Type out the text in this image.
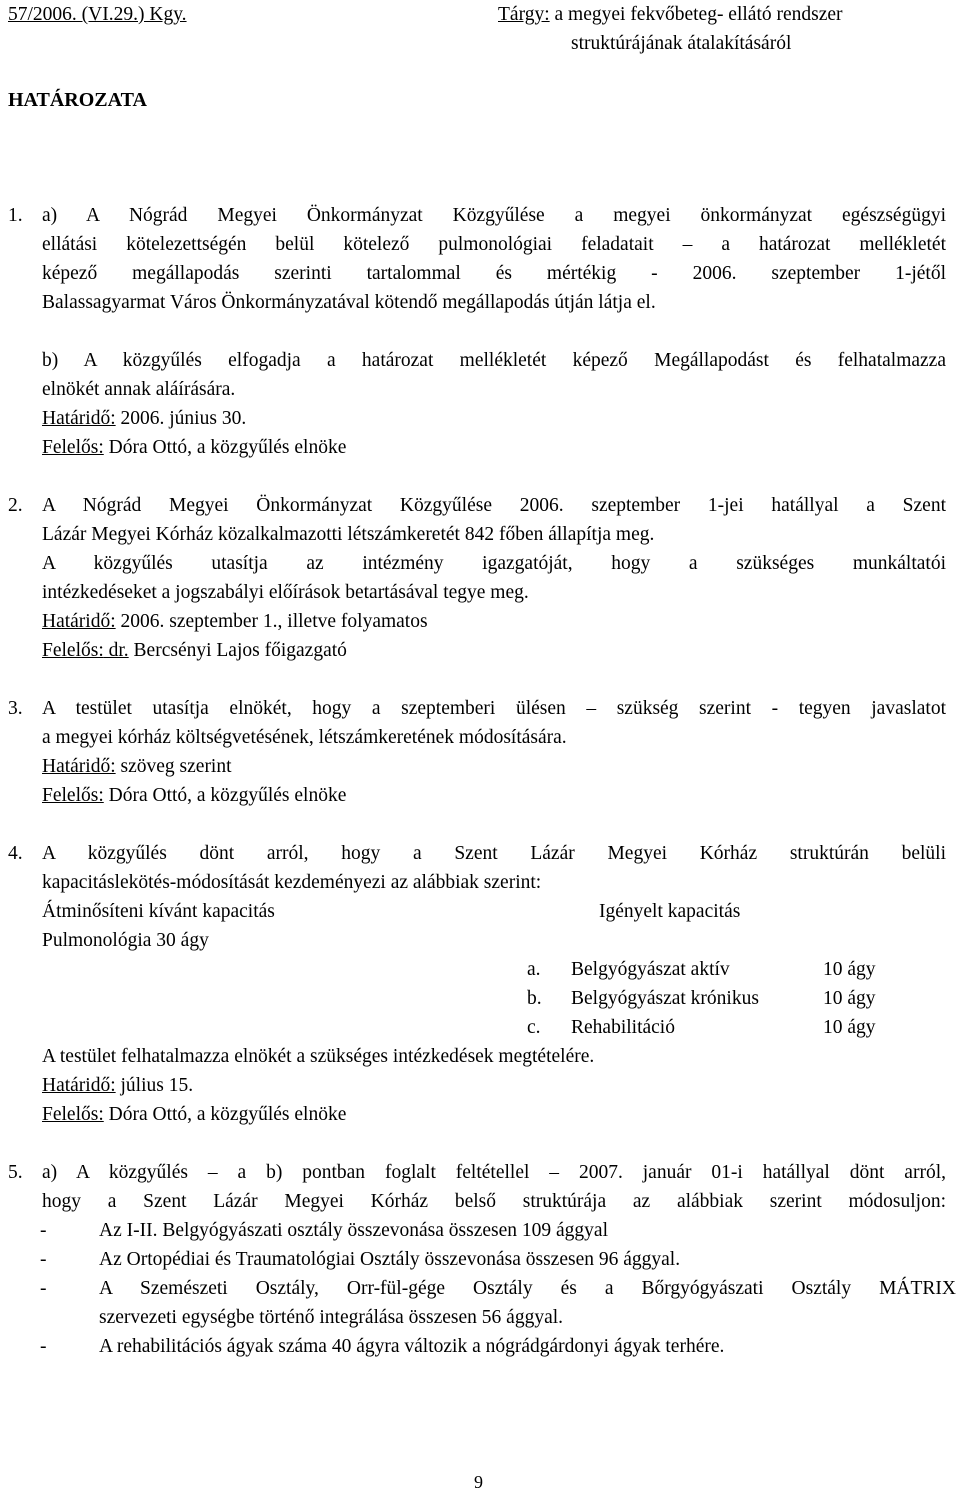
57/2006. (VI.29.) Kgy.	Tárgy: a megyei fekvőbeteg- ellátó rendszer
struktúrájának átalakításáról
HATÁROZATA
1. a) A Nógrád Megyei Önkormányzat Közgyűlése a megyei önkormányzat egészségügyi
ellátási kötelezettségén belül kötelező pulmonológiai feladatait – a határozat mellékletét
képező megállapodás szerinti tartalommal és mértékig - 2006. szeptember 1-jétől
Balassagyarmat Város Önkormányzatával kötendő megállapodás útján látja el.
b) A közgyűlés elfogadja a határozat mellékletét képező Megállapodást és felhatalmazza
elnökét annak aláírására.
Határidő: 2006. június 30.
Felelős: Dóra Ottó, a közgyűlés elnöke
2. A Nógrád Megyei Önkormányzat Közgyűlése 2006. szeptember 1-jei hatállyal a Szent
Lázár Megyei Kórház közalkalmazotti létszámkeretét 842 főben állapítja meg.
A közgyűlés utasítja az intézmény igazgatóját, hogy a szükséges munkáltatói
intézkedéseket a jogszabályi előírások betartásával tegye meg.
Határidő: 2006. szeptember 1., illetve folyamatos
Felelős: dr. Bercsényi Lajos főigazgató
3. A testület utasítja elnökét, hogy a szeptemberi ülésen – szükség szerint - tegyen javaslatot
a megyei kórház költségvetésének, létszámkeretének módosítására.
Határidő: szöveg szerint
Felelős: Dóra Ottó, a közgyűlés elnöke
4. A közgyűlés dönt arról, hogy a Szent Lázár Megyei Kórház struktúrán belüli
kapacitáslekötés-módosítását kezdeményezi az alábbiak szerint:
Átminősíteni kívánt kapacitás	Igényelt kapacitás
Pulmonológia 30 ágy
a. Belgyógyászat aktív	10 ágy
b. Belgyógyászat krónikus	10 ágy
c. Rehabilitáció	10 ágy
A testület felhatalmazza elnökét a szükséges intézkedések megtételére.
Határidő: július 15.
Felelős: Dóra Ottó, a közgyűlés elnöke
5. a) A közgyűlés – a b) pontban foglalt feltétellel – 2007. január 01-i hatállyal dönt arról,
hogy a Szent Lázár Megyei Kórház belső struktúrája az alábbiak szerint módosuljon:
-	Az I-II. Belgyógyászati osztály összevonása összesen 109 ággyal
-	Az Ortopédiai és Traumatológiai Osztály összevonása összesen 96 ággyal.
-	A Szemészeti Osztály, Orr-fül-gége Osztály és a Bőrgyógyászati Osztály MÁTRIX
szervezeti egységbe történő integrálása összesen 56 ággyal.
-	A rehabilitációs ágyak száma 40 ágyra változik a nógrádgárdonyi ágyak terhére.
9
